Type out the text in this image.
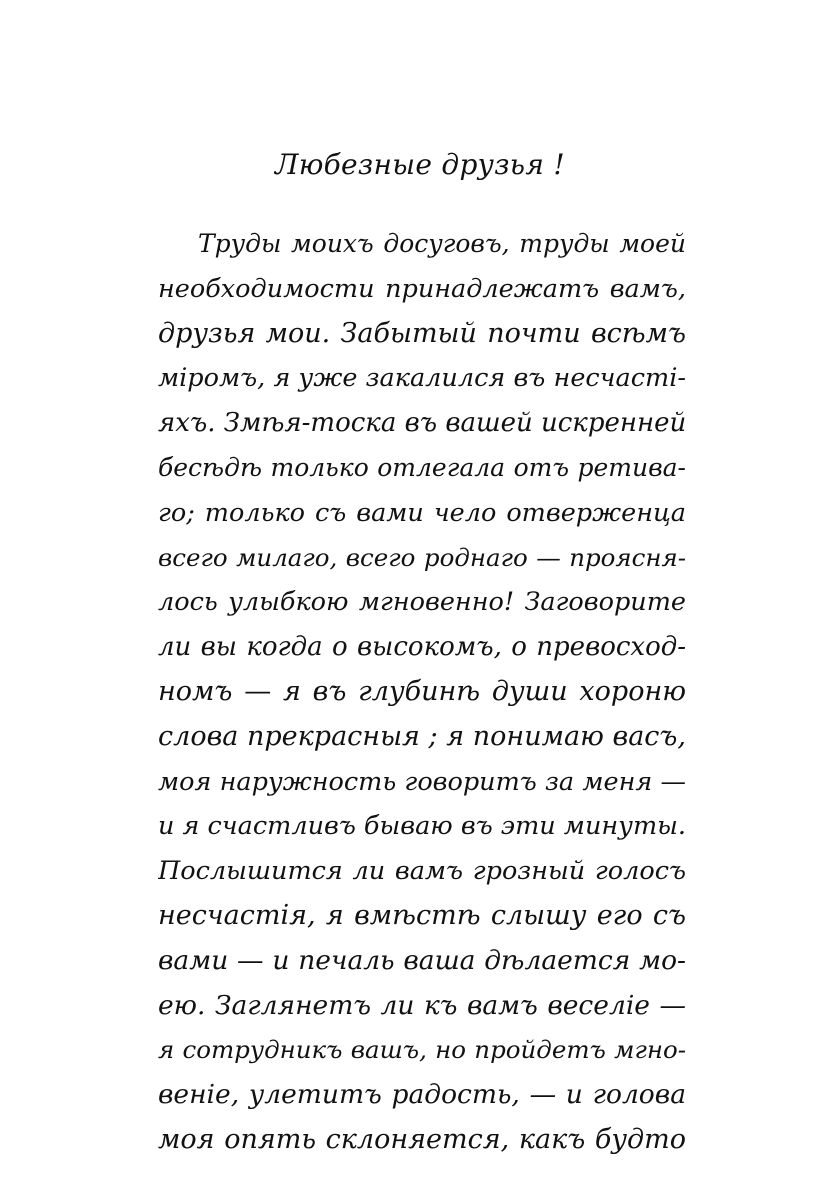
Любезные друзья !
Труды моихъ досуговъ, труды моей
необходимости принадлежатъ вамъ,
друзья мои. Забытый почти всѣмъ
міромъ, я уже закалился въ несчасті-
яхъ. Змѣя-тоска въ вашей искренней
бесѣдѣ только отлегала отъ ретива-
го; только съ вами чело отверженца
всего милаго, всего роднаго — проясня-
лось улыбкою мгновенно! Заговорите
ли вы когда о высокомъ, о превосход-
номъ — я въ глубинѣ души хороню
слова прекрасныя ; я понимаю васъ,
моя наружность говоритъ за меня —
и я счастливъ бываю въ эти минуты.
Послышится ли вамъ грозный голосъ
несчастія, я вмѣстѣ слышу его съ
вами — и печаль ваша дѣлается мо-
ею. Заглянетъ ли къ вамъ веселіе —
я сотрудникъ вашъ, но пройдетъ мгно-
веніе, улетитъ радость, — и голова
моя опять склоняется, какъ будто
